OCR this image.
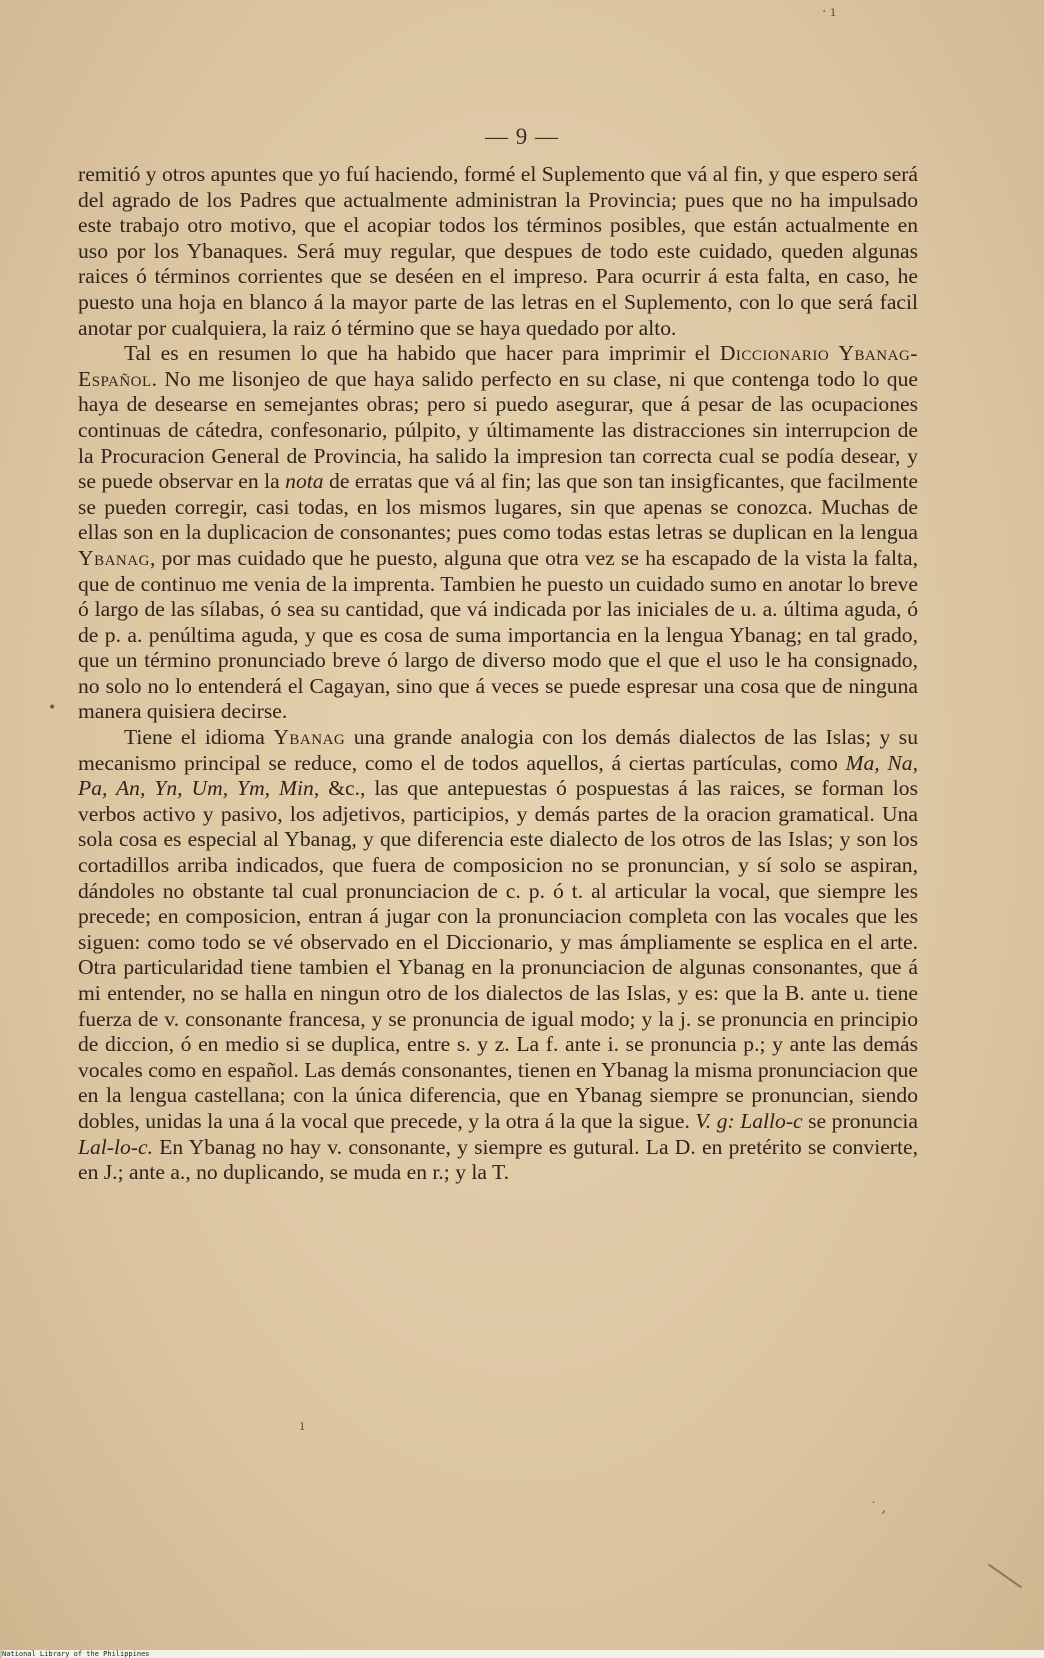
— 9 —
· ı
•
ı
˙ ,

remitió y otros apuntes que yo fuí haciendo, formé el Suplemento que vá al fin, y que espero será del agrado de los Padres que actualmente administran la Provincia; pues que no ha impulsado este trabajo otro motivo, que el acopiar todos los términos posibles, que están actualmente en uso por los Ybanaques. Será muy regular, que despues de todo este cuidado, queden algunas raices ó términos corrientes que se deséen en el impreso. Para ocurrir á esta falta, en caso, he puesto una hoja en blanco á la mayor parte de las letras en el Suplemento, con lo que será facil anotar por cualquiera, la raiz ó término que se haya quedado por alto.

Tal es en resumen lo que ha habido que hacer para imprimir el Diccionario Ybanag-Español. No me lisonjeo de que haya salido perfecto en su clase, ni que contenga todo lo que haya de desearse en semejantes obras; pero si puedo asegurar, que á pesar de las ocupaciones continuas de cátedra, confesonario, púlpito, y últimamente las distracciones sin interrupcion de la Procuracion General de Provincia, ha salido la impresion tan correcta cual se podía desear, y se puede observar en la nota de erratas que vá al fin; las que son tan insigficantes, que facilmente se pueden corregir, casi todas, en los mismos lugares, sin que apenas se conozca. Muchas de ellas son en la duplicacion de consonantes; pues como todas estas letras se duplican en la lengua Ybanag, por mas cuidado que he puesto, alguna que otra vez se ha escapado de la vista la falta, que de continuo me venia de la imprenta. Tambien he puesto un cuidado sumo en anotar lo breve ó largo de las sílabas, ó sea su cantidad, que vá indicada por las iniciales de u. a. última aguda, ó de p. a. penúltima aguda, y que es cosa de suma importancia en la lengua Ybanag; en tal grado, que un término pronunciado breve ó largo de diverso modo que el que el uso le ha consignado, no solo no lo entenderá el Cagayan, sino que á veces se puede espresar una cosa que de ninguna manera quisiera decirse.

Tiene el idioma Ybanag una grande analogia con los demás dialectos de las Islas; y su mecanismo principal se reduce, como el de todos aquellos, á ciertas partículas, como Ma, Na, Pa, An, Yn, Um, Ym, Min, &c., las que antepuestas ó pospuestas á las raices, se forman los verbos activo y pasivo, los adjetivos, participios, y demás partes de la oracion gramatical. Una sola cosa es especial al Ybanag, y que diferencia este dialecto de los otros de las Islas; y son los cortadillos arriba indicados, que fuera de composicion no se pronuncian, y sí solo se aspiran, dándoles no obstante tal cual pronunciacion de c. p. ó t. al articular la vocal, que siempre les precede; en composicion, entran á jugar con la pronunciacion completa con las vocales que les siguen: como todo se vé observado en el Diccionario, y mas ámpliamente se esplica en el arte. Otra particularidad tiene tambien el Ybanag en la pronunciacion de algunas consonantes, que á mi entender, no se halla en ningun otro de los dialectos de las Islas, y es: que la B. ante u. tiene fuerza de v. consonante francesa, y se pronuncia de igual modo; y la j. se pronuncia en principio de diccion, ó en medio si se duplica, entre s. y z. La f. ante i. se pronuncia p.; y ante las demás vocales como en español. Las demás consonantes, tienen en Ybanag la misma pronunciacion que en la lengua castellana; con la única diferencia, que en Ybanag siempre se pronuncian, siendo dobles, unidas la una á la vocal que precede, y la otra á la que la sigue. V. g: Lallo-c se pronuncia Lal-lo-c. En Ybanag no hay v. consonante, y siempre es gutural. La D. en pretérito se convierte, en J.; ante a., no duplicando, se muda en r.; y la T.

National Library of the Philippines
